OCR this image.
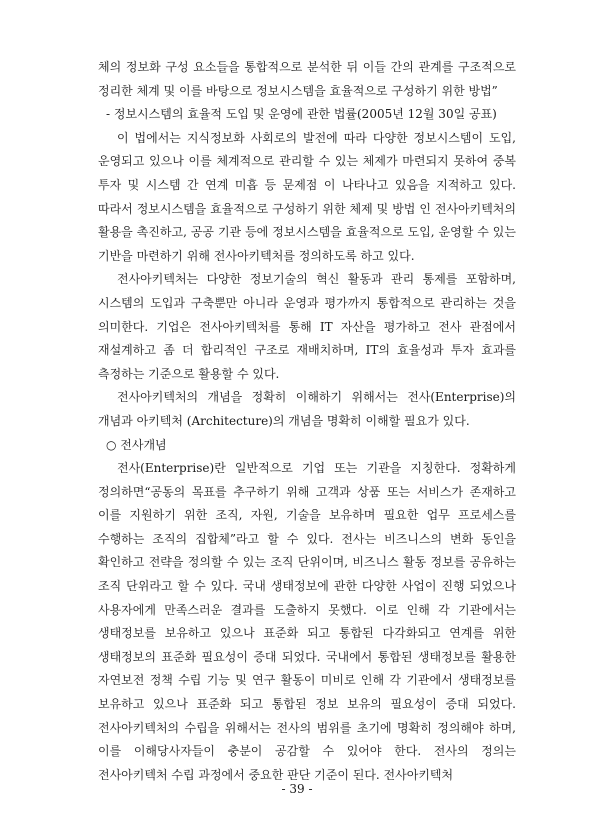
체의 정보화 구성 요소들을 통합적으로 분석한 뒤 이들 간의 관계를 구조적으로 정리한 체계 및 이를 바탕으로 정보시스템을 효율적으로 구성하기 위한 방법”

- 정보시스템의 효율적 도입 및 운영에 관한 법률(2005년 12월 30일 공표)

이 법에서는 지식정보화 사회로의 발전에 따라 다양한 정보시스템이 도입, 운영되고 있으나 이를 체계적으로 관리할 수 있는 체제가 마련되지 못하여 중복 투자 및 시스템 간 연계 미흡 등 문제점 이 나타나고 있음을 지적하고 있다. 따라서 정보시스템을 효율적으로 구성하기 위한 체제 및 방법 인 전사아키텍처의 활용을 촉진하고, 공공 기관 등에 정보시스템을 효율적으로 도입, 운영할 수 있는 기반을 마련하기 위해 전사아키텍처를 정의하도록 하고 있다.

전사아키텍처는 다양한 정보기술의 혁신 활동과 관리 통제를 포함하며, 시스템의 도입과 구축뿐만 아니라 운영과 평가까지 통합적으로 관리하는 것을 의미한다. 기업은 전사아키텍처를 통해 IT 자산을 평가하고 전사 관점에서 재설계하고 좀 더 합리적인 구조로 재배치하며, IT의 효율성과 투자 효과를 측정하는 기준으로 활용할 수 있다.

전사아키텍처의 개념을 정확히 이해하기 위해서는 전사(Enterprise)의 개념과 아키텍처 (Architecture)의 개념을 명확히 이해할 필요가 있다.

○ 전사개념

전사(Enterprise)란 일반적으로 기업 또는 기관을 지칭한다. 정확하게 정의하면“공동의 목표를 추구하기 위해 고객과 상품 또는 서비스가 존재하고 이를 지원하기 위한 조직, 자원, 기술을 보유하며 필요한 업무 프로세스를 수행하는 조직의 집합체”라고 할 수 있다. 전사는 비즈니스의 변화 동인을 확인하고 전략을 정의할 수 있는 조직 단위이며, 비즈니스 활동 정보를 공유하는 조직 단위라고 할 수 있다. 국내 생태정보에 관한 다양한 사업이 진행 되었으나 사용자에게 만족스러운 결과를 도출하지 못했다. 이로 인해 각 기관에서는 생태정보를 보유하고 있으나 표준화 되고 통합된 다각화되고 연계를 위한 생태정보의 표준화 필요성이 증대 되었다. 국내에서 통합된 생태정보를 활용한 자연보전 정책 수립 기능 및 연구 활동이 미비로 인해 각 기관에서 생태정보를 보유하고 있으나 표준화 되고 통합된 정보 보유의 필요성이 증대 되었다. 전사아키텍처의 수립을 위해서는 전사의 범위를 초기에 명확히 정의해야 하며, 이를 이해당사자들이 충분이 공감할 수 있어야 한다. 전사의 정의는 전사아키텍처 수립 과정에서 중요한 판단 기준이 된다. 전사아키텍처

- 39 -
